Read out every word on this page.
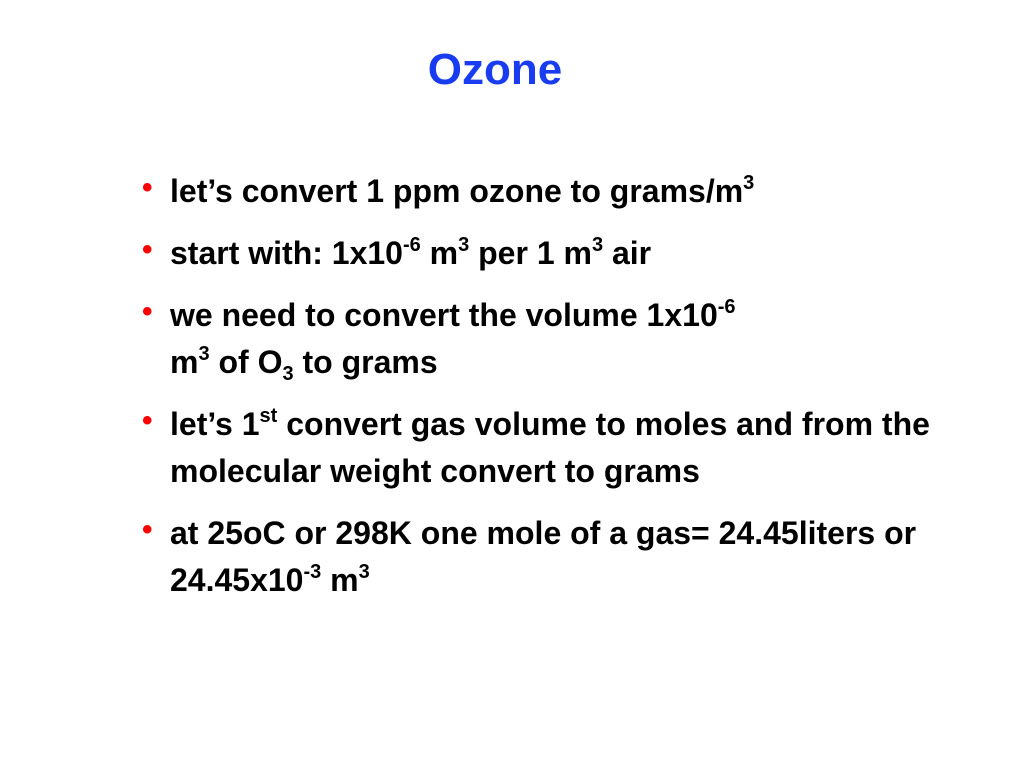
Ozone
• let’s convert 1 ppm ozone to grams/$m^3$
• start with: $1x10^{-6}$ $m^3$ per 1 $m^3$ air
• we need to convert the volume $1x10^{-6}$
$m^3$ of $O_3$ to grams
• let’s 1st convert gas volume to moles and from the molecular weight convert to grams
• at 25oC or 298K one mole of a gas= 24.45liters or $24.45x10^{-3}$ $m^3$
